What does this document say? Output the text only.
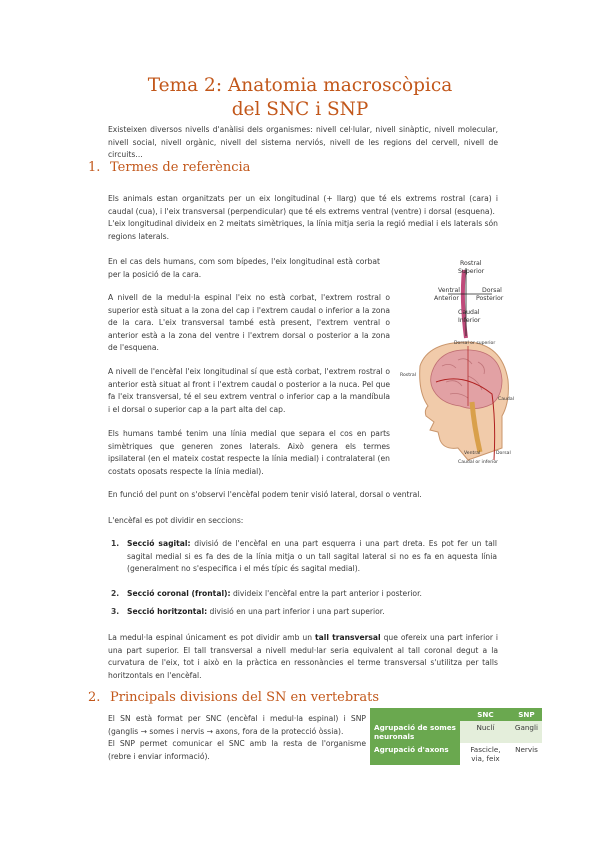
Tema 2: Anatomia macroscòpica
del SNC i SNP

Existeixen diversos nivells d'anàlisi dels organismes: nivell cel·lular, nivell sinàptic, nivell molecular, nivell social, nivell orgànic, nivell del sistema nerviós, nivell de les regions del cervell, nivell de circuits…

1. Termes de referència

Els animals estan organitzats per un eix longitudinal (+ llarg) que té els extrems rostral (cara) i caudal (cua), i l'eix transversal (perpendicular) que té els extrems ventral (ventre) i dorsal (esquena).

L'eix longitudinal divideix en 2 meitats simètriques, la línia mitja seria la regió medial i els laterals són regions laterals.

En el cas dels humans, com som bípedes, l'eix longitudinal està corbat per la posició de la cara.

A nivell de la medul·la espinal l'eix no està corbat, l'extrem rostral o superior està situat a la zona del cap i l'extrem caudal o inferior a la zona de la cara. L'eix transversal també està present, l'extrem ventral o anterior està a la zona del ventre i l'extrem dorsal o posterior a la zona de l'esquena.

A nivell de l'encèfal l'eix longitudinal sí que està corbat, l'extrem rostral o anterior està situat al front i l'extrem caudal o posterior a la nuca. Pel que fa l'eix transversal, té el seu extrem ventral o inferior cap a la mandíbula i el dorsal o superior cap a la part alta del cap.

Els humans també tenim una línia medial que separa el cos en parts simètriques que generen zones laterals. Això genera els termes ipsilateral (en el mateix costat respecte la línia medial) i contralateral (en costats oposats respecte la línia medial).

En funció del punt on s'observi l'encèfal podem tenir visió lateral, dorsal o ventral.

L'encèfal es pot dividir en seccions:

1. Secció sagital: divisió de l'encèfal en una part esquerra i una part dreta. Es pot fer un tall sagital medial si es fa des de la línia mitja o un tall sagital lateral si no es fa en aquesta línia (generalment no s'especifica i el més típic és sagital medial).
2. Secció coronal (frontal): divideix l'encèfal entre la part anterior i posterior.
3. Secció horitzontal: divisió en una part inferior i una part superior.

La medul·la espinal únicament es pot dividir amb un tall transversal que ofereix una part inferior i una part superior. El tall transversal a nivell medul·lar seria equivalent al tall coronal degut a la curvatura de l'eix, tot i això en la pràctica en ressonàncies el terme transversal s'utilitza per talls horitzontals en l'encèfal.

Rostral
Superior
Ventral
Anterior
Dorsal
Posterior
Caudal
Inferior
Dorsal or superior
Rostral
Caudal
Ventral	Dorsal
Caudal or inferior
2. Principals divisions del SN en vertebrats

El SN està format per SNC (encèfal i medul·la espinal) i SNP (ganglis → somes i nervis → axons, fora de la protecció òssia).

El SNP permet comunicar el SNC amb la resta de l'organisme (rebre i enviar informació).

	SNC	SNP
Agrupació de somes neuronals	Nuclí	Gangli
Agrupació d'axons	Fascicle, via, feix	Nervis
